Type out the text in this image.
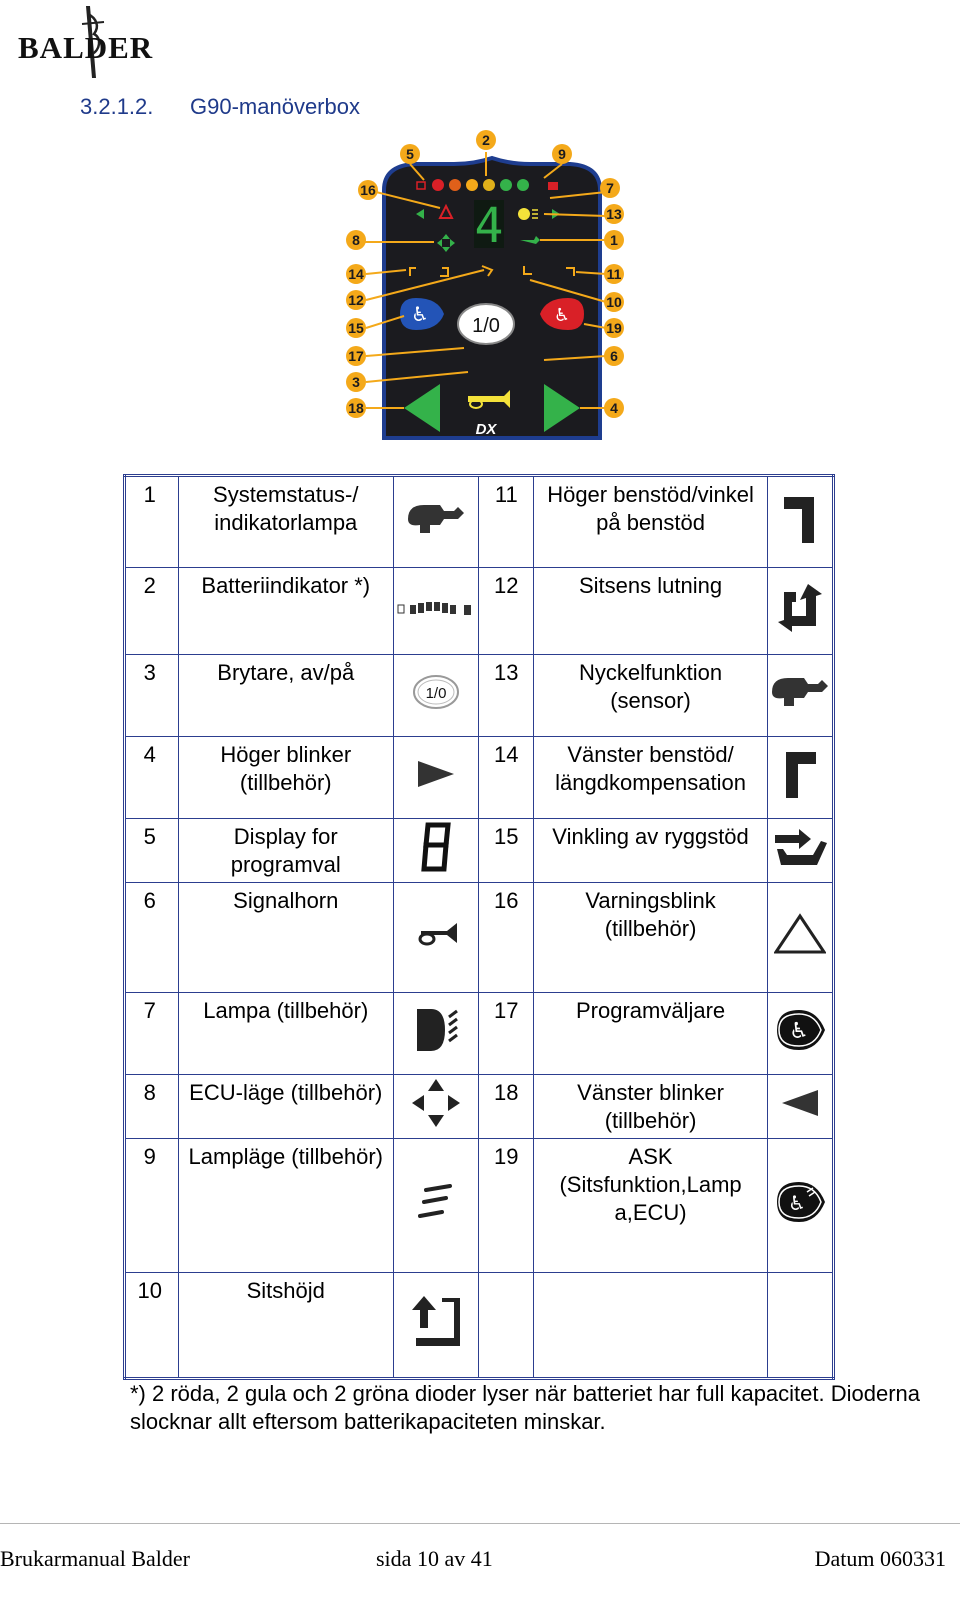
BALDER
3.2.1.2. G90-manöverbox
4
♿ 1/0	♿
DX
5
2
9
16	7
13
8	1
14	11
12	10
15	19
17	6
3
18	4
1	Systemstatus-/ indikatorlampa		11	Höger benstöd/vinkel på benstöd	
2	Batteriindikator *)		12	Sitsens lutning	
3	Brytare, av/på	1/0	13	Nyckelfunktion (sensor)	
4	Höger blinker (tillbehör)		14	Vänster benstöd/ längdkompensation	
5	Display for programval		15	Vinkling av ryggstöd	
6	Signalhorn		16	Varningsblink (tillbehör)	
7	Lampa (tillbehör)		17	Programväljare	♿

8	ECU-läge (tillbehör)		18	Vänster blinker (tillbehör)	
9	Lampläge (tillbehör)		19	ASK (Sitsfunktion,Lamp a,ECU)	♿

10	Sitshöjd				
*) 2 röda, 2 gula och 2 gröna dioder lyser när batteriet har full kapacitet. Dioderna slocknar allt eftersom batterikapaciteten minskar.
Brukarmanual Balder	sida 10 av 41	Datum 060331
